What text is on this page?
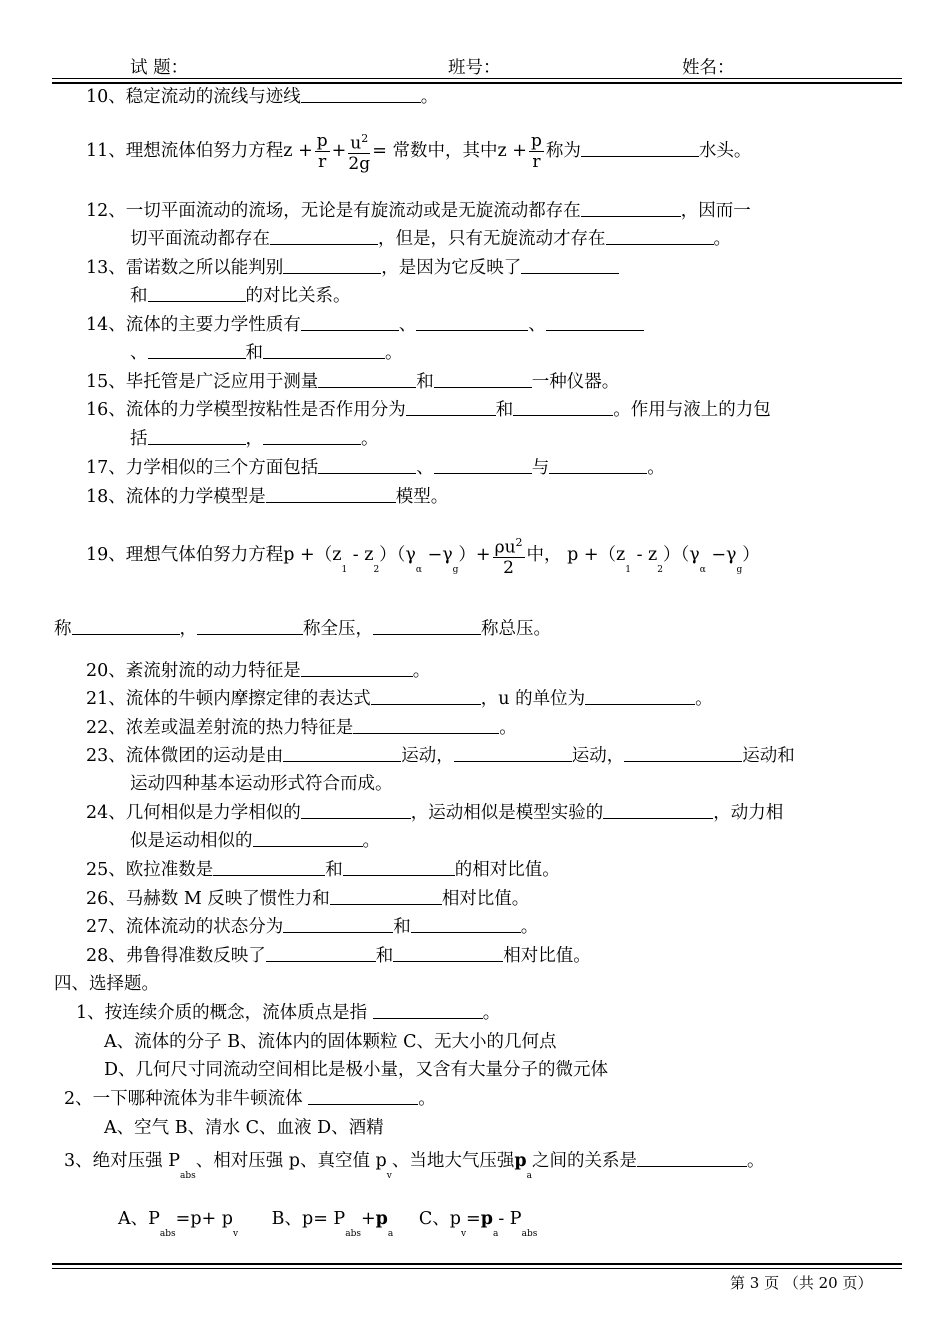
试 题：	班号：	姓名：
10、稳定流动的流线与迹线	。
11、理想流体伯努力方程$z + \frac{p}{r} + \frac{u^2}{2g}$ = 常数中，其中$z + \frac{p}{r}$ 称为	水头。
12、一切平面流动的流场，无论是有旋流动或是无旋流动都存在	，因而一
切平面流动都存在	，但是，只有无旋流动才存在	。
13、雷诺数之所以能判别	，是因为它反映了
和	的对比关系。
14、流体的主要力学性质有	、	、
、	和	。
15、毕托管是广泛应用于测量	和	一种仪器。
16、流体的力学模型按粘性是否作用分为	和	。作用与液上的力包
括	，	。
17、力学相似的三个方面包括	、	与	。
18、流体的力学模型是	模型。
19、理想气体伯努力方程$p +(z_1 - z_2)(\gamma_\alpha -\gamma_g)+ \frac{\rho u^2}{2}$ 中， $p +(z_1 - z_2)(\gamma_\alpha -\gamma_g)$
称	，	称全压，	称总压。
20、紊流射流的动力特征是	。
21、流体的牛顿内摩擦定律的表达式	，u 的单位为	。
22、浓差或温差射流的热力特征是	。
23、流体微团的运动是由	运动，	运动，	运动和
运动四种基本运动形式符合而成。
24、几何相似是力学相似的	，运动相似是模型实验的	，动力相
似是运动相似的	。
25、欧拉准数是	和	的相对比值。
26、马赫数 M 反映了惯性力和	相对比值。
27、流体流动的状态分为	和	。
28、弗鲁得准数反映了	和	相对比值。
四、选择题。
1、按连续介质的概念，流体质点是指	。
A、流体的分子 B、流体内的固体颗粒 C、无大小的几何点
D、几何尺寸同流动空间相比是极小量，又含有大量分子的微元体
2、一下哪种流体为非牛顿流体	。
A、空气 B、清水 C、血液 D、酒精
3、绝对压强 $P_{abs}$、相对压强 p、真空值 $p_v$、当地大气压强$p_a$之间的关系是	。
A、$P_{abs}=p+ p_v$ B、$p= P_{abs}+p_a$ C、$p_v=p_a-$ $P_{abs}$
第 3 页 （共 20 页）
